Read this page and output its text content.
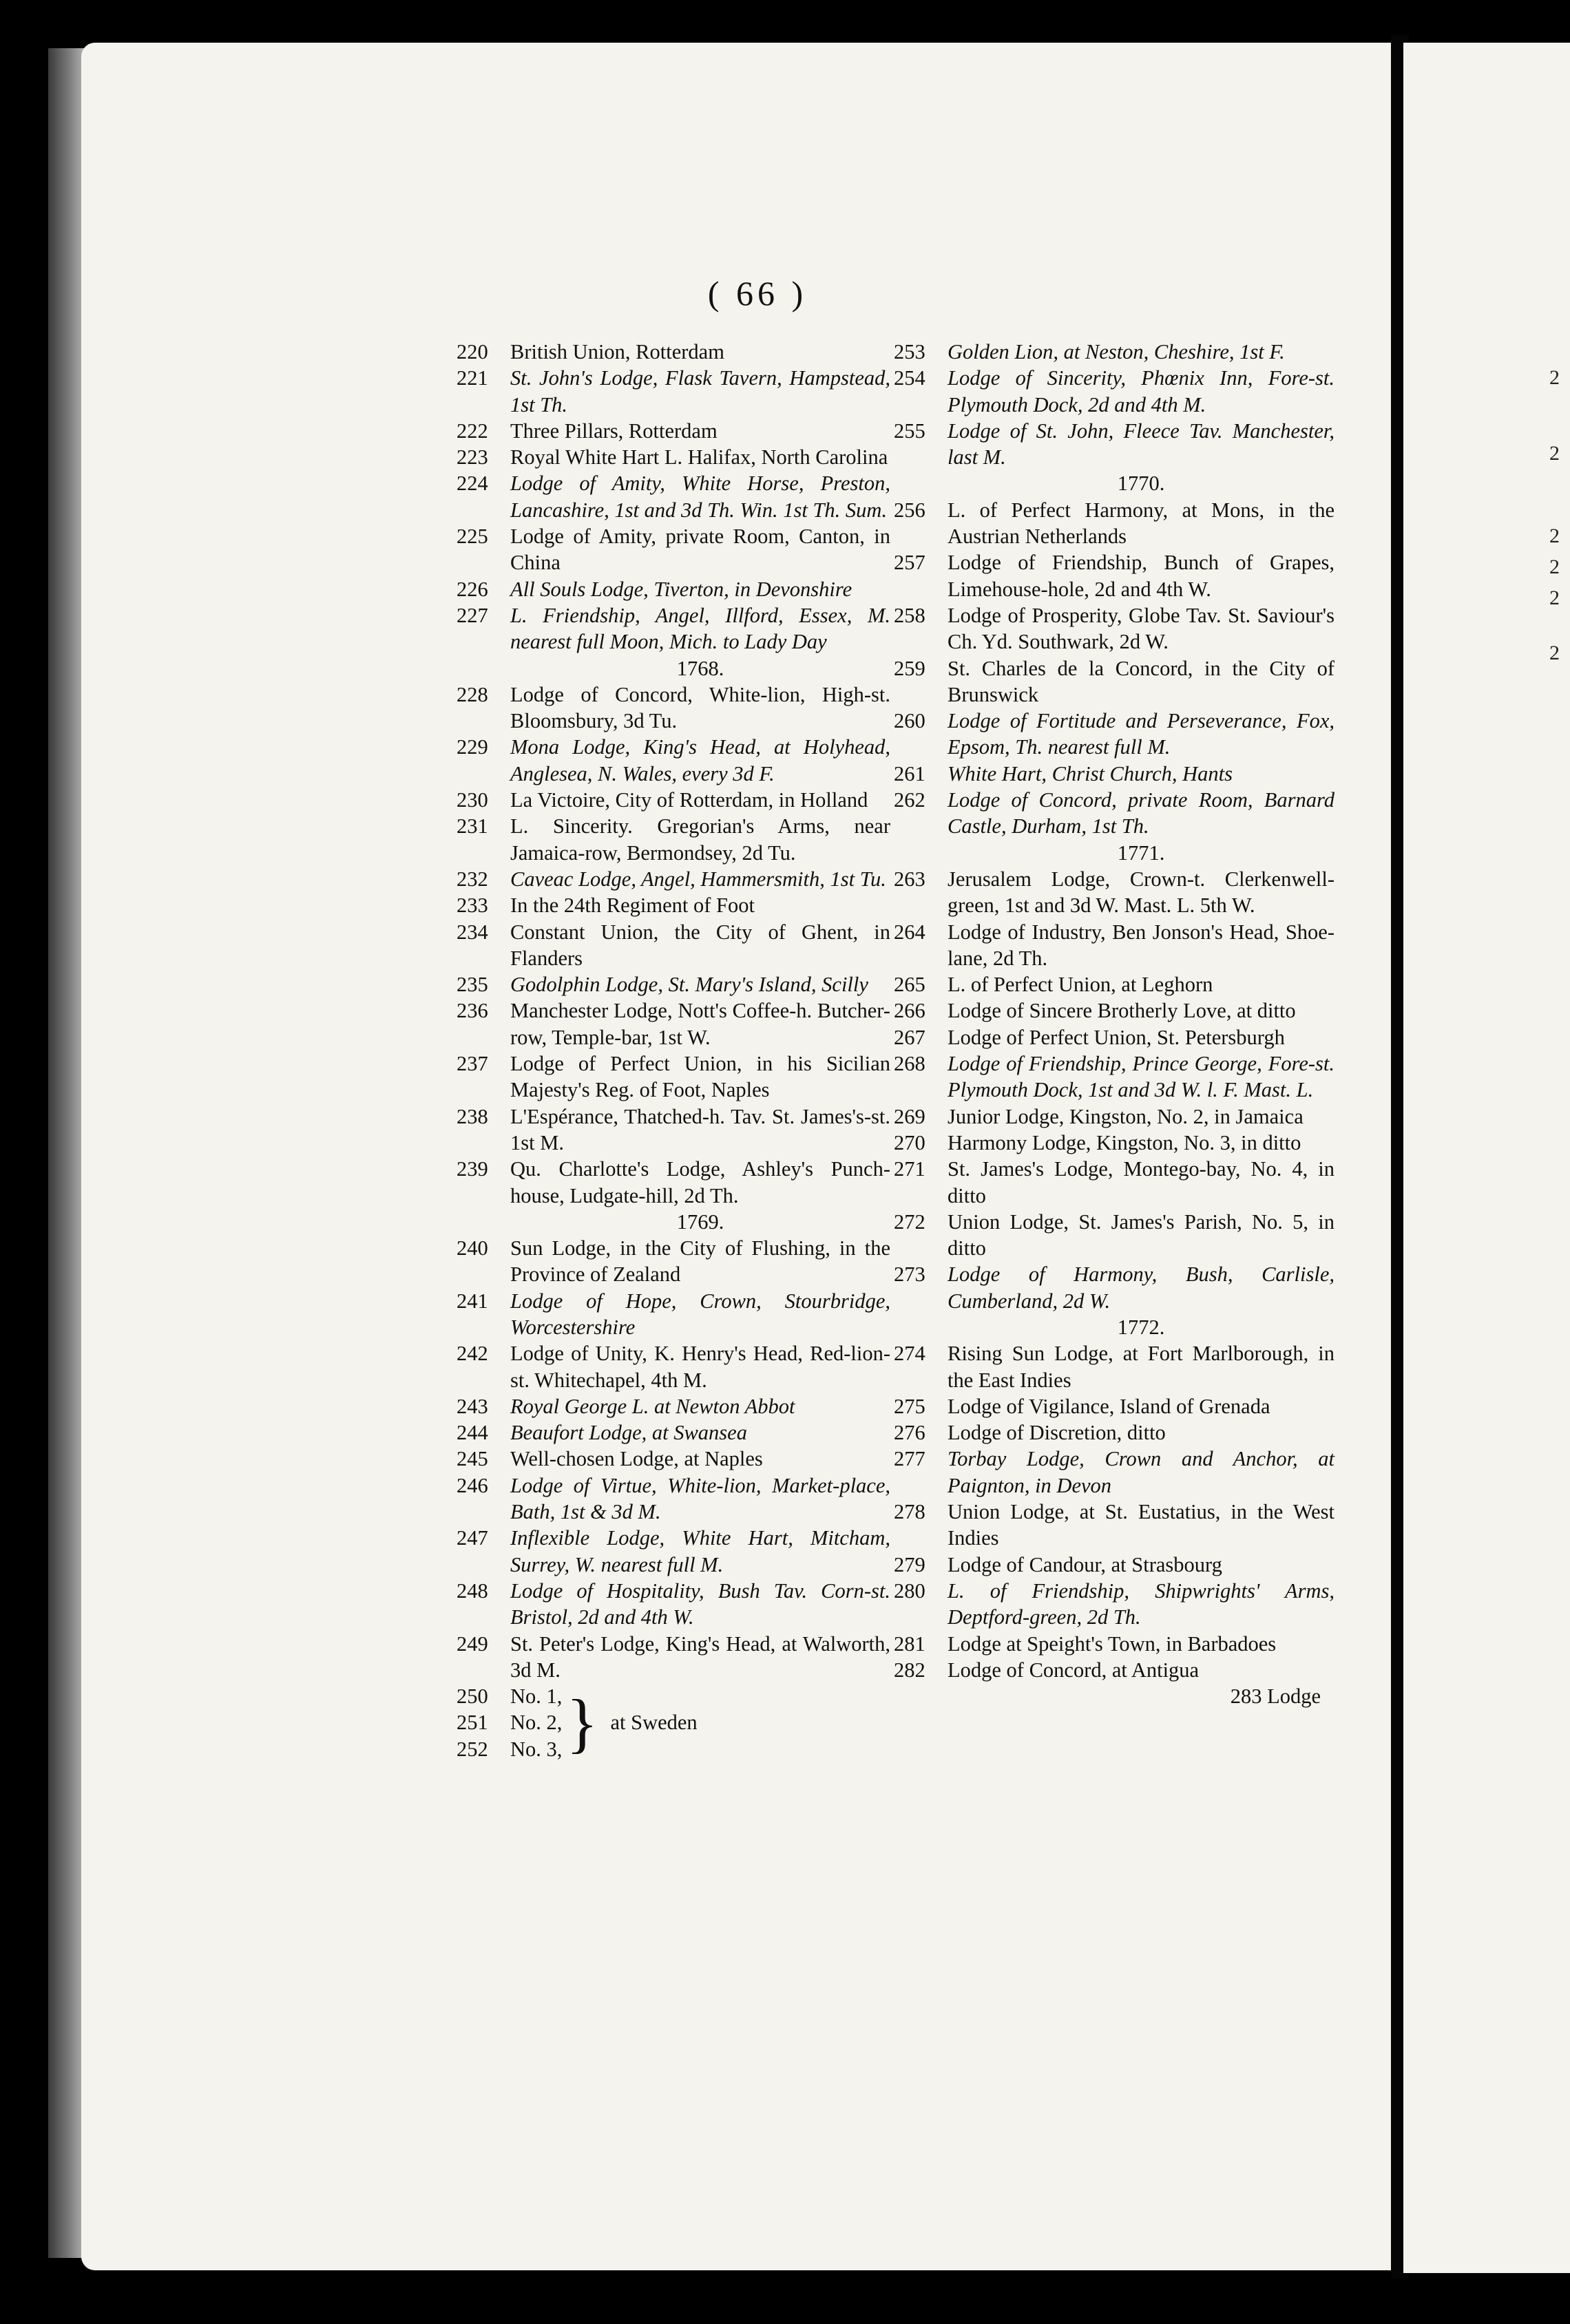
( 66 )
220	British Union, Rotterdam
221	St. John's Lodge, Flask Tavern, Hampstead, 1st Th.
222	Three Pillars, Rotterdam
223	Royal White Hart L. Halifax, North Carolina
224	Lodge of Amity, White Horse, Preston, Lancashire, 1st and 3d Th. Win. 1st Th. Sum.
225	Lodge of Amity, private Room, Canton, in China
226	All Souls Lodge, Tiverton, in Devonshire
227	L. Friendship, Angel, Illford, Essex, M. nearest full Moon, Mich. to Lady Day
1768.
228	Lodge of Concord, White-lion, High-st. Bloomsbury, 3d Tu.
229	Mona Lodge, King's Head, at Holyhead, Anglesea, N. Wales, every 3d F.
230	La Victoire, City of Rotterdam, in Holland
231	L. Sincerity. Gregorian's Arms, near Jamaica-row, Bermondsey, 2d Tu.
232	Caveac Lodge, Angel, Hammersmith, 1st Tu.
233	In the 24th Regiment of Foot
234	Constant Union, the City of Ghent, in Flanders
235	Godolphin Lodge, St. Mary's Island, Scilly
236	Manchester Lodge, Nott's Coffee-h. Butcher-row, Temple-bar, 1st W.
237	Lodge of Perfect Union, in his Sicilian Majesty's Reg. of Foot, Naples
238	L'Espérance, Thatched-h. Tav. St. James's-st. 1st M.
239	Qu. Charlotte's Lodge, Ashley's Punch-house, Ludgate-hill, 2d Th.
1769.
240	Sun Lodge, in the City of Flushing, in the Province of Zealand
241	Lodge of Hope, Crown, Stourbridge, Worcestershire
242	Lodge of Unity, K. Henry's Head, Red-lion-st. Whitechapel, 4th M.
243	Royal George L. at Newton Abbot
244	Beaufort Lodge, at Swansea
245	Well-chosen Lodge, at Naples
246	Lodge of Virtue, White-lion, Market-place, Bath, 1st & 3d M.
247	Inflexible Lodge, White Hart, Mitcham, Surrey, W. nearest full M.
248	Lodge of Hospitality, Bush Tav. Corn-st. Bristol, 2d and 4th W.
249	St. Peter's Lodge, King's Head, at Walworth, 3d M.
250	No. 1,
251	No. 2,
252	No. 3, } at Sweden
253	Golden Lion, at Neston, Cheshire, 1st F.
254	Lodge of Sincerity, Phœnix Inn, Fore-st. Plymouth Dock, 2d and 4th M.
255	Lodge of St. John, Fleece Tav. Manchester, last M.
1770.
256	L. of Perfect Harmony, at Mons, in the Austrian Netherlands
257	Lodge of Friendship, Bunch of Grapes, Limehouse-hole, 2d and 4th W.
258	Lodge of Prosperity, Globe Tav. St. Saviour's Ch. Yd. Southwark, 2d W.
259	St. Charles de la Concord, in the City of Brunswick
260	Lodge of Fortitude and Perseverance, Fox, Epsom, Th. nearest full M.
261	White Hart, Christ Church, Hants
262	Lodge of Concord, private Room, Barnard Castle, Durham, 1st Th.
1771.
263	Jerusalem Lodge, Crown-t. Clerkenwell-green, 1st and 3d W. Mast. L. 5th W.
264	Lodge of Industry, Ben Jonson's Head, Shoe-lane, 2d Th.
265	L. of Perfect Union, at Leghorn
266	Lodge of Sincere Brotherly Love, at ditto
267	Lodge of Perfect Union, St. Petersburgh
268	Lodge of Friendship, Prince George, Fore-st. Plymouth Dock, 1st and 3d W. l. F. Mast. L.
269	Junior Lodge, Kingston, No. 2, in Jamaica
270	Harmony Lodge, Kingston, No. 3, in ditto
271	St. James's Lodge, Montego-bay, No. 4, in ditto
272	Union Lodge, St. James's Parish, No. 5, in ditto
273	Lodge of Harmony, Bush, Carlisle, Cumberland, 2d W.
1772.
274	Rising Sun Lodge, at Fort Marlborough, in the East Indies
275	Lodge of Vigilance, Island of Grenada
276	Lodge of Discretion, ditto
277	Torbay Lodge, Crown and Anchor, at Paignton, in Devon
278	Union Lodge, at St. Eustatius, in the West Indies
279	Lodge of Candour, at Strasbourg
280	L. of Friendship, Shipwrights' Arms, Deptford-green, 2d Th.
281	Lodge at Speight's Town, in Barbadoes
282	Lodge of Concord, at Antigua
283 Lodge
2
2
2
2
2
2
